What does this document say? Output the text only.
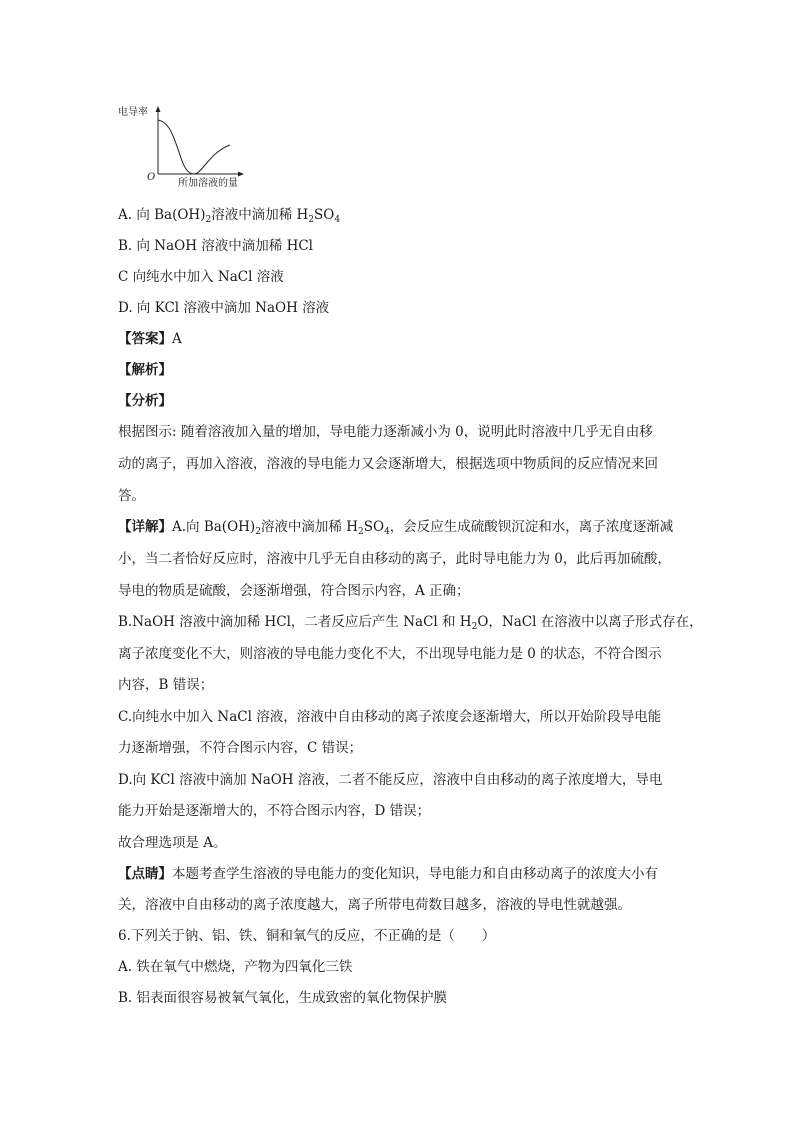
电导率
O
所加溶液的量
A. 向 $Ba(OH)_2$溶液中滴加稀 $H_2SO_4$
B. 向 NaOH 溶液中滴加稀 HCl
C 向纯水中加入 NaCl 溶液
D. 向 KCl 溶液中滴加 NaOH 溶液
【答案】A
【解析】
【分析】
根据图示: 随着溶液加入量的增加，导电能力逐渐减小为 0，说明此时溶液中几乎无自由移
动的离子，再加入溶液，溶液的导电能力又会逐渐增大，根据选项中物质间的反应情况来回
答。
【详解】A.向 $Ba(OH)_2$溶液中滴加稀 $H_2SO_4$，会反应生成硫酸钡沉淀和水，离子浓度逐渐减
小，当二者恰好反应时，溶液中几乎无自由移动的离子，此时导电能力为 0，此后再加硫酸，
导电的物质是硫酸，会逐渐增强，符合图示内容，A 正确；
B.NaOH 溶液中滴加稀 HCl，二者反应后产生 NaCl 和 $H_2O$，NaCl 在溶液中以离子形式存在，
离子浓度变化不大，则溶液的导电能力变化不大，不出现导电能力是 0 的状态，不符合图示
内容，B 错误；
C.向纯水中加入 NaCl 溶液，溶液中自由移动的离子浓度会逐渐增大，所以开始阶段导电能
力逐渐增强，不符合图示内容，C 错误；
D.向 KCl 溶液中滴加 NaOH 溶液，二者不能反应，溶液中自由移动的离子浓度增大，导电
能力开始是逐渐增大的，不符合图示内容，D 错误；
故合理选项是 A。
【点睛】本题考查学生溶液的导电能力的变化知识，导电能力和自由移动离子的浓度大小有
关，溶液中自由移动的离子浓度越大，离子所带电荷数目越多，溶液的导电性就越强。
6.下列关于钠、铝、铁、铜和氧气的反应，不正确的是（　　）
A. 铁在氧气中燃烧，产物为四氧化三铁
B. 铝表面很容易被氧气氧化，生成致密的氧化物保护膜
